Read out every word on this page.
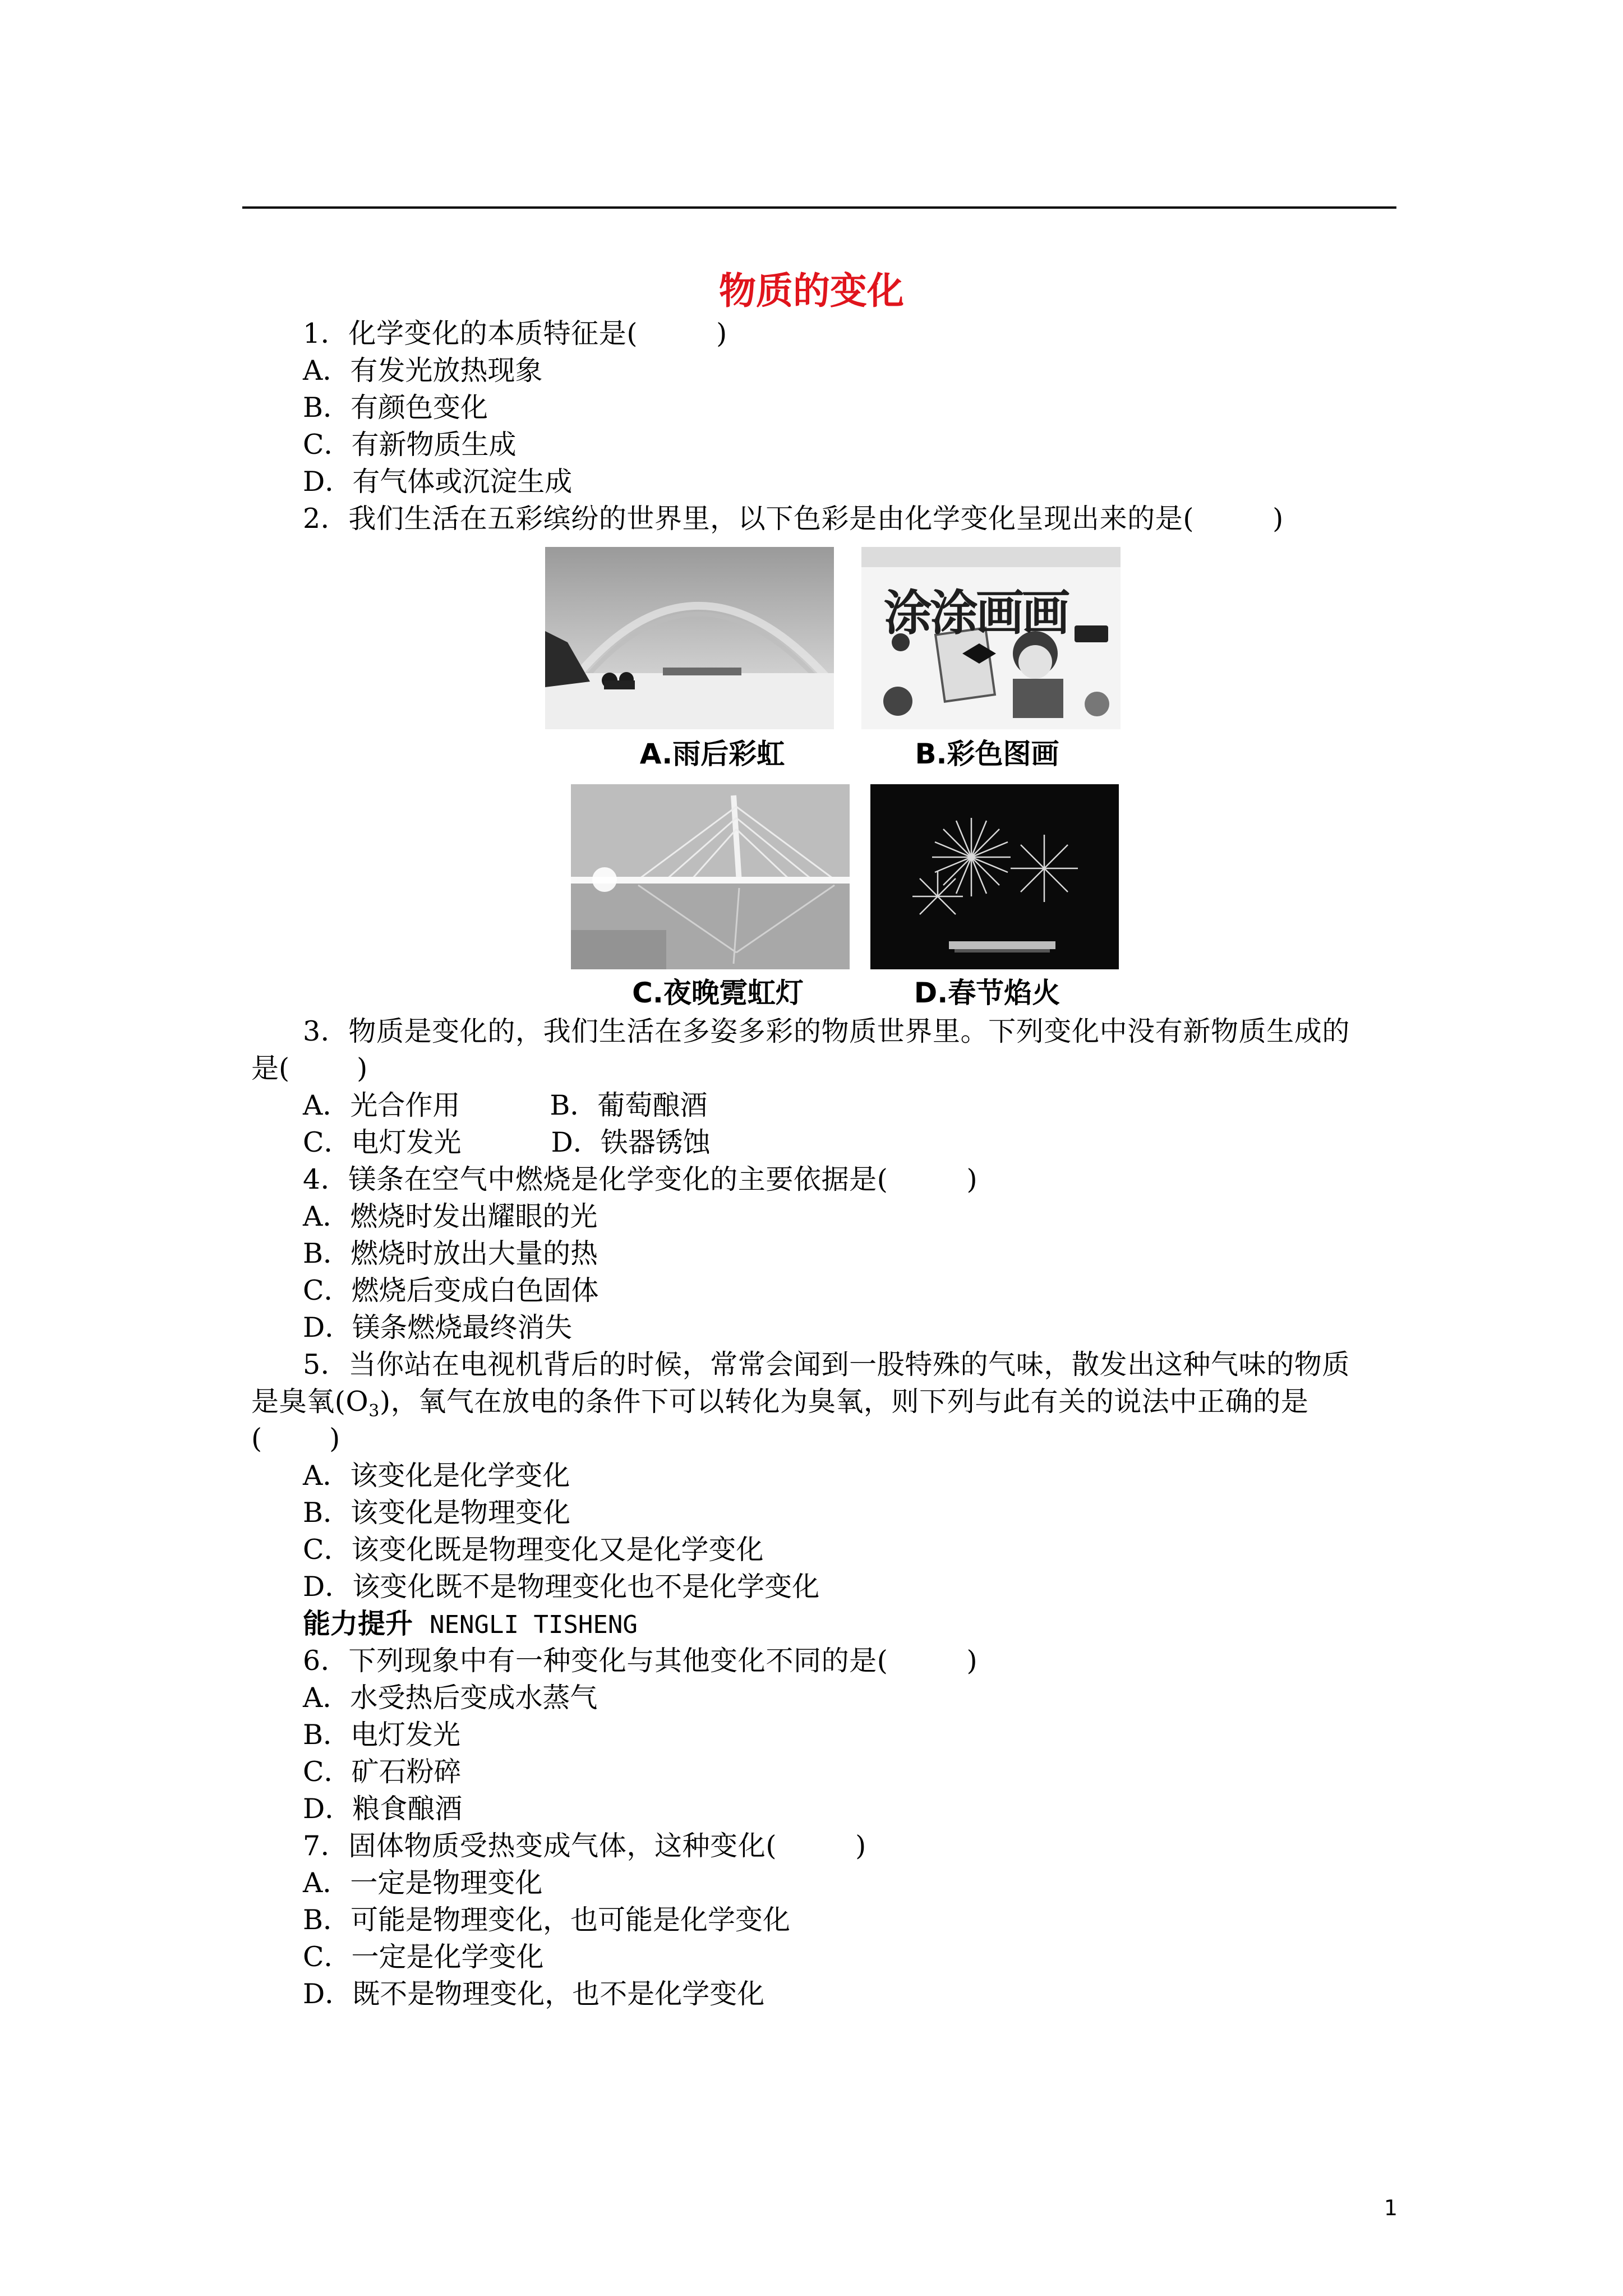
物质的变化
1．化学变化的本质特征是(	)
A．有发光放热现象
B．有颜色变化
C．有新物质生成
D．有气体或沉淀生成
2．我们生活在五彩缤纷的世界里，以下色彩是由化学变化呈现出来的是(	)
涂涂画画
A.雨后彩虹	B.彩色图画
C.夜晚霓虹灯	D.春节焰火
3．物质是变化的，我们生活在多姿多彩的物质世界里。下列变化中没有新物质生成的
是( )
A．光合作用	B．葡萄酿酒
C．电灯发光	D．铁器锈蚀
4．镁条在空气中燃烧是化学变化的主要依据是(	)
A．燃烧时发出耀眼的光
B．燃烧时放出大量的热
C．燃烧后变成白色固体
D．镁条燃烧最终消失
5．当你站在电视机背后的时候，常常会闻到一股特殊的气味，散发出这种气味的物质
是臭氧$(O_3)$，氧气在放电的条件下可以转化为臭氧，则下列与此有关的说法中正确的是
( )
A．该变化是化学变化
B．该变化是物理变化
C．该变化既是物理变化又是化学变化
D．该变化既不是物理变化也不是化学变化
能力提升 NENGLI TISHENG
6．下列现象中有一种变化与其他变化不同的是(	)
A．水受热后变成水蒸气
B．电灯发光
C．矿石粉碎
D．粮食酿酒
7．固体物质受热变成气体，这种变化(	)
A．一定是物理变化
B．可能是物理变化，也可能是化学变化
C．一定是化学变化
D．既不是物理变化，也不是化学变化
1
